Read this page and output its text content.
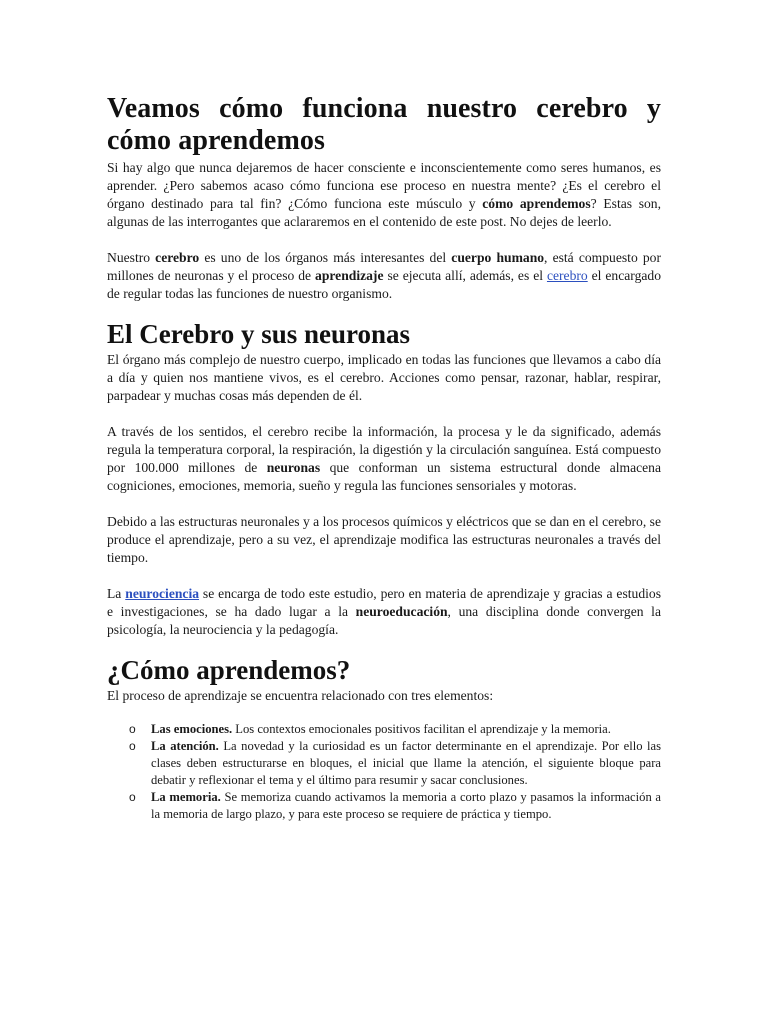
Veamos cómo funciona nuestro cerebro y cómo aprendemos

Si hay algo que nunca dejaremos de hacer consciente e inconscientemente como seres humanos, es aprender. ¿Pero sabemos acaso cómo funciona ese proceso en nuestra mente? ¿Es el cerebro el órgano destinado para tal fin? ¿Cómo funciona este músculo y cómo aprendemos? Estas son, algunas de las interrogantes que aclararemos en el contenido de este post. No dejes de leerlo.

Nuestro cerebro es uno de los órganos más interesantes del cuerpo humano, está compuesto por millones de neuronas y el proceso de aprendizaje se ejecuta allí, además, es el cerebro el encargado de regular todas las funciones de nuestro organismo.

El Cerebro y sus neuronas

El órgano más complejo de nuestro cuerpo, implicado en todas las funciones que llevamos a cabo día a día y quien nos mantiene vivos, es el cerebro. Acciones como pensar, razonar, hablar, respirar, parpadear y muchas cosas más dependen de él.

A través de los sentidos, el cerebro recibe la información, la procesa y le da significado, además regula la temperatura corporal, la respiración, la digestión y la circulación sanguínea. Está compuesto por 100.000 millones de neuronas que conforman un sistema estructural donde almacena cogniciones, emociones, memoria, sueño y regula las funciones sensoriales y motoras.

Debido a las estructuras neuronales y a los procesos químicos y eléctricos que se dan en el cerebro, se produce el aprendizaje, pero a su vez, el aprendizaje modifica las estructuras neuronales a través del tiempo.

La neurociencia se encarga de todo este estudio, pero en materia de aprendizaje y gracias a estudios e investigaciones, se ha dado lugar a la neuroeducación, una disciplina donde convergen la psicología, la neurociencia y la pedagogía.

¿Cómo aprendemos?

El proceso de aprendizaje se encuentra relacionado con tres elementos:

o Las emociones. Los contextos emocionales positivos facilitan el aprendizaje y la memoria.
o La atención. La novedad y la curiosidad es un factor determinante en el aprendizaje. Por ello las clases deben estructurarse en bloques, el inicial que llame la atención, el siguiente bloque para debatir y reflexionar el tema y el último para resumir y sacar conclusiones.
o La memoria. Se memoriza cuando activamos la memoria a corto plazo y pasamos la información a la memoria de largo plazo, y para este proceso se requiere de práctica y tiempo.
